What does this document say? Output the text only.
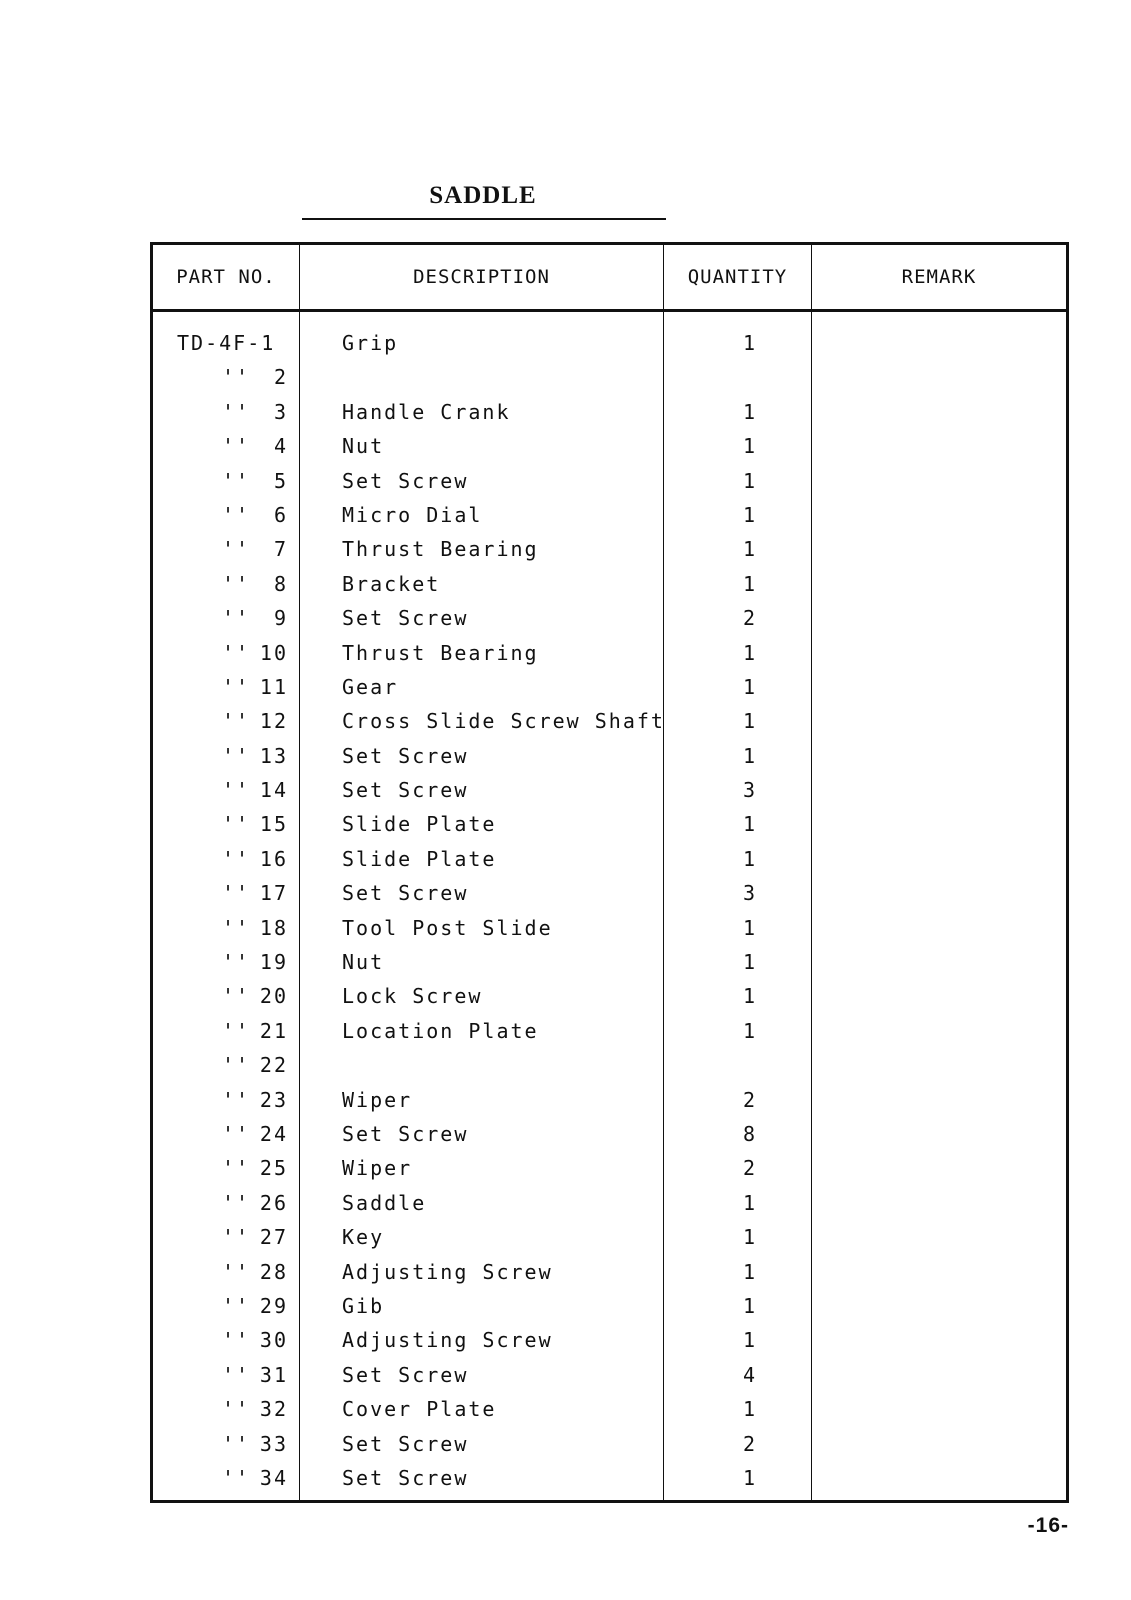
SADDLE
PART NO.	DESCRIPTION	QUANTITY	REMARK
TD-4F-1	Grip	1
''	2
''	3	Handle Crank	1
''	4	Nut	1
''	5	Set Screw	1
''	6	Micro Dial	1
''	7	Thrust Bearing	1
''	8	Bracket	1
''	9	Set Screw	2
'' 10	Thrust Bearing	1
'' 11	Gear	1
'' 12	Cross Slide Screw Shaft	1
'' 13	Set Screw	1
'' 14	Set Screw	3
'' 15	Slide Plate	1
'' 16	Slide Plate	1
'' 17	Set Screw	3
'' 18	Tool Post Slide	1
'' 19	Nut	1
'' 20	Lock Screw	1
'' 21	Location Plate	1
'' 22
'' 23	Wiper	2
'' 24	Set Screw	8
'' 25	Wiper	2
'' 26	Saddle	1
'' 27	Key	1
'' 28	Adjusting Screw	1
'' 29	Gib	1
'' 30	Adjusting Screw	1
'' 31	Set Screw	4
'' 32	Cover Plate	1
'' 33	Set Screw	2
'' 34	Set Screw	1
-16-
